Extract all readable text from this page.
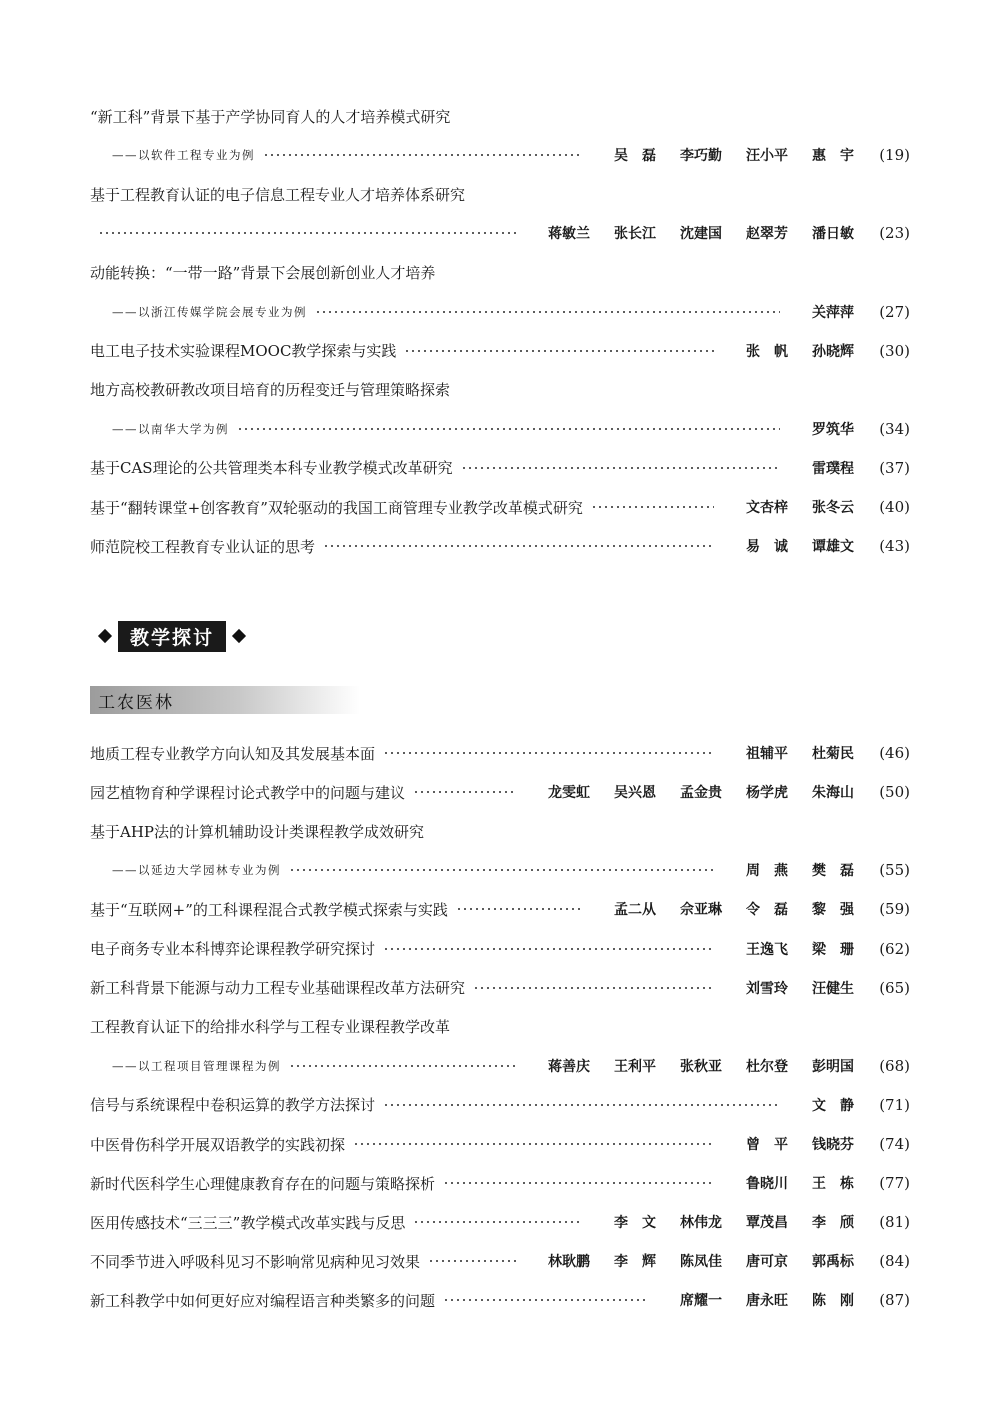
“新工科”背景下基于产学协同育人的人才培养模式研究
——以软件工程专业为例	吴　磊	李巧勤	汪小平	惠　宇	(19)
基于工程教育认证的电子信息工程专业人才培养体系研究
蒋敏兰	张长江	沈建国	赵翠芳	潘日敏	(23)
动能转换：“一带一路”背景下会展创新创业人才培养
——以浙江传媒学院会展专业为例	关萍萍	(27)
电工电子技术实验课程MOOC教学探索与实践	张　帆	孙晓辉	(30)
地方高校教研教改项目培育的历程变迁与管理策略探索
——以南华大学为例	罗筑华	(34)
基于CAS理论的公共管理类本科专业教学模式改革研究	雷璞程	(37)
基于“翻转课堂+创客教育”双轮驱动的我国工商管理专业教学改革模式研究	文杏梓	张冬云	(40)
师范院校工程教育专业认证的思考	易　诚	谭雄文	(43)
教学探讨
工农医林
地质工程专业教学方向认知及其发展基本面	祖辅平	杜菊民	(46)
园艺植物育种学课程讨论式教学中的问题与建议	龙雯虹	吴兴恩	孟金贵	杨学虎	朱海山	(50)
基于AHP法的计算机辅助设计类课程教学成效研究
——以延边大学园林专业为例	周　燕	樊　磊	(55)
基于“互联网+”的工科课程混合式教学模式探索与实践	孟二从	佘亚琳	令　磊	黎　强	(59)
电子商务专业本科博弈论课程教学研究探讨	王逸飞	梁　珊	(62)
新工科背景下能源与动力工程专业基础课程改革方法研究	刘雪玲	汪健生	(65)
工程教育认证下的给排水科学与工程专业课程教学改革
——以工程项目管理课程为例	蒋善庆	王利平	张秋亚	杜尔登	彭明国	(68)
信号与系统课程中卷积运算的教学方法探讨	文　静	(71)
中医骨伤科学开展双语教学的实践初探	曾　平	钱晓芬	(74)
新时代医科学生心理健康教育存在的问题与策略探析	鲁晓川	王　栋	(77)
医用传感技术“三三三”教学模式改革实践与反思	李　文	林伟龙	覃茂昌	李　颀	(81)
不同季节进入呼吸科见习不影响常见病种见习效果	林耿鹏	李　辉	陈凤佳	唐可京	郭禹标	(84)
新工科教学中如何更好应对编程语言种类繁多的问题	席耀一	唐永旺	陈　刚	(87)
